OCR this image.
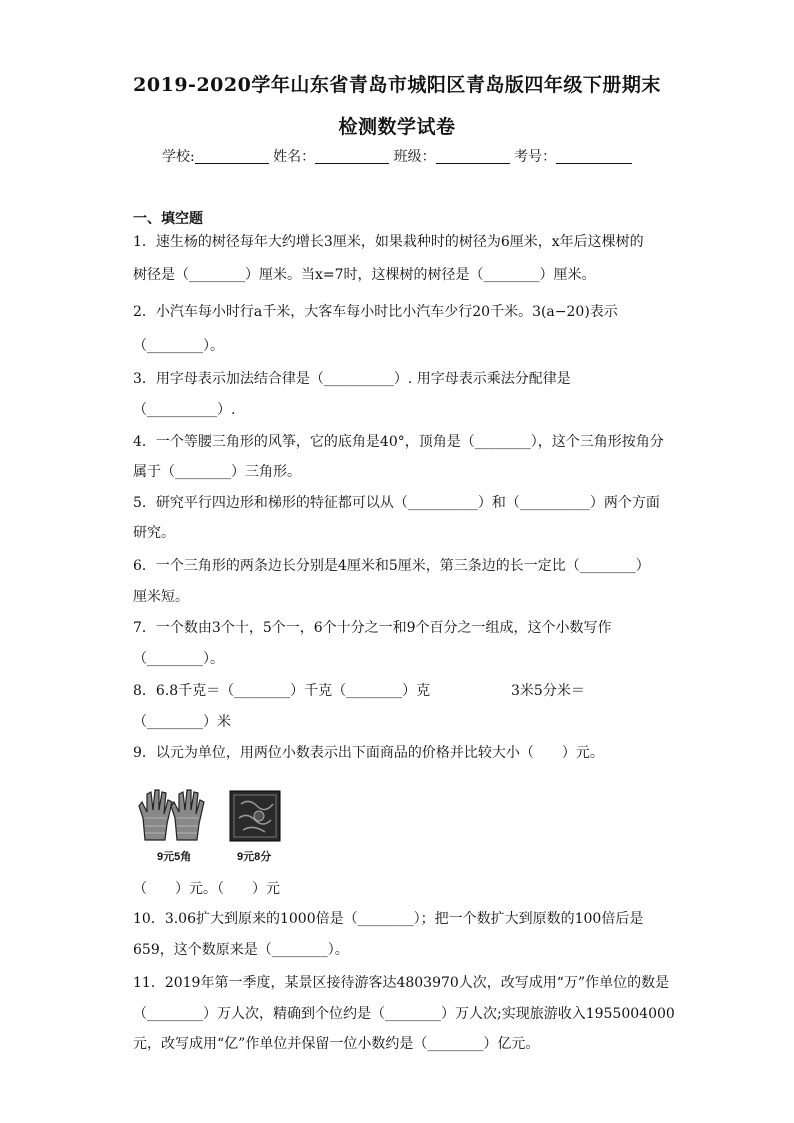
2019-2020学年山东省青岛市城阳区青岛版四年级下册期末
检测数学试卷
学校:	姓名：	班级：	考号：
一、填空题
1．速生杨的树径每年大约增长3厘米，如果栽种时的树径为6厘米，x年后这棵树的
树径是（________）厘米。当x=7时，这棵树的树径是（________）厘米。
2．小汽车每小时行a千米，大客车每小时比小汽车少行20千米。3(a−20)表示
（________）。
3．用字母表示加法结合律是（__________）. 用字母表示乘法分配律是
（__________）.
4．一个等腰三角形的风筝，它的底角是40°，顶角是（________），这个三角形按角分
属于（________）三角形。
5．研究平行四边形和梯形的特征都可以从（__________）和（__________）两个方面
研究。
6．一个三角形的两条边长分别是4厘米和5厘米，第三条边的长一定比（________）
厘米短。
7．一个数由3个十，5个一，6个十分之一和9个百分之一组成，这个小数写作
（________）。
8．6.8千克＝（________）千克（________）克	3米5分米＝
（________）米
9．以元为单位，用两位小数表示出下面商品的价格并比较大小（　　）元。
9元5角	9元8分
（　　）元。（　　）元
10．3.06扩大到原来的1000倍是（________）；把一个数扩大到原数的100倍后是
659，这个数原来是（________）。
11．2019年第一季度，某景区接待游客达4803970人次，改写成用“万”作单位的数是
（________）万人次，精确到个位约是（________）万人次;实现旅游收入1955004000
元，改写成用“亿”作单位并保留一位小数约是（________）亿元。
